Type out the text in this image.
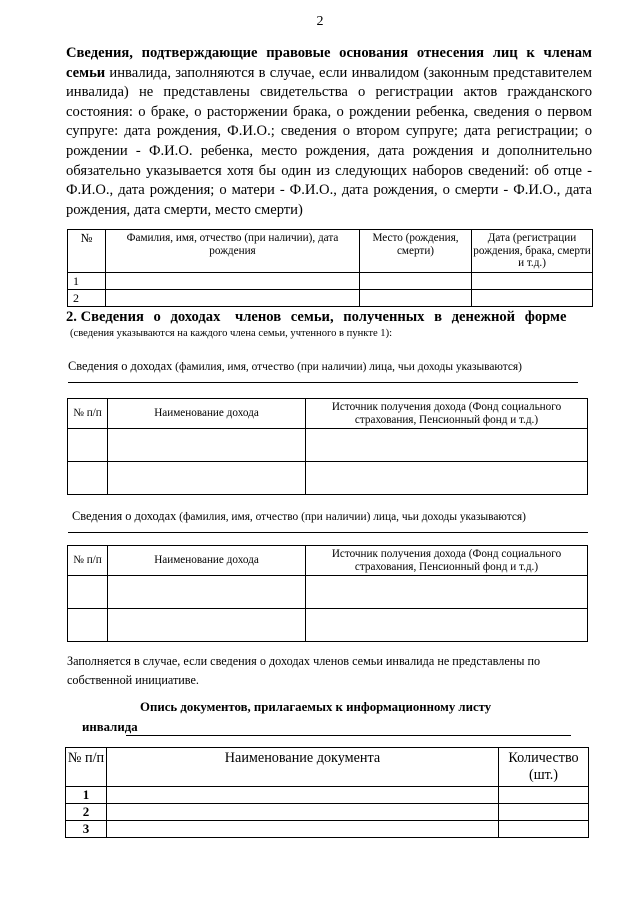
2
Сведения, подтверждающие правовые основания отнесения лиц к членам семьи инвалида, заполняются в случае, если инвалидом (законным представителем инвалида) не представлены свидетельства о регистрации актов гражданского состояния: о браке, о расторжении брака, о рождении ребенка, сведения о первом супруге: дата рождения, Ф.И.О.; сведения о втором супруге; дата регистрации; о рождении - Ф.И.О. ребенка, место рождения, дата рождения и дополнительно обязательно указывается хотя бы один из следующих наборов сведений: об отце - Ф.И.О., дата рождения; о матери - Ф.И.О., дата рождения, о смерти - Ф.И.О., дата рождения, дата смерти, место смерти)
№	Фамилия, имя, отчество (при наличии), дата рождения	Место (рождения, смерти)	Дата (регистрации рождения, брака, смерти и т.д.)
1			
2			
2. Сведения о доходах членов семьи, полученных в денежной форме
(сведения указываются на каждого члена семьи, учтенного в пункте 1):
Сведения о доходах (фамилия, имя, отчество (при наличии) лица, чьи доходы указываются)
№ п/п	Наименование дохода	Источник получения дохода (Фонд социального страхования, Пенсионный фонд и т.д.)

Сведения о доходах (фамилия, имя, отчество (при наличии) лица, чьи доходы указываются)
№ п/п	Наименование дохода	Источник получения дохода (Фонд социального страхования, Пенсионный фонд и т.д.)

Заполняется в случае, если сведения о доходах членов семьи инвалида не представлены по собственной инициативе.
Опись документов, прилагаемых к информационному листу
инвалида
№ п/п	Наименование документа	Количество (шт.)
1		
2		
3		
